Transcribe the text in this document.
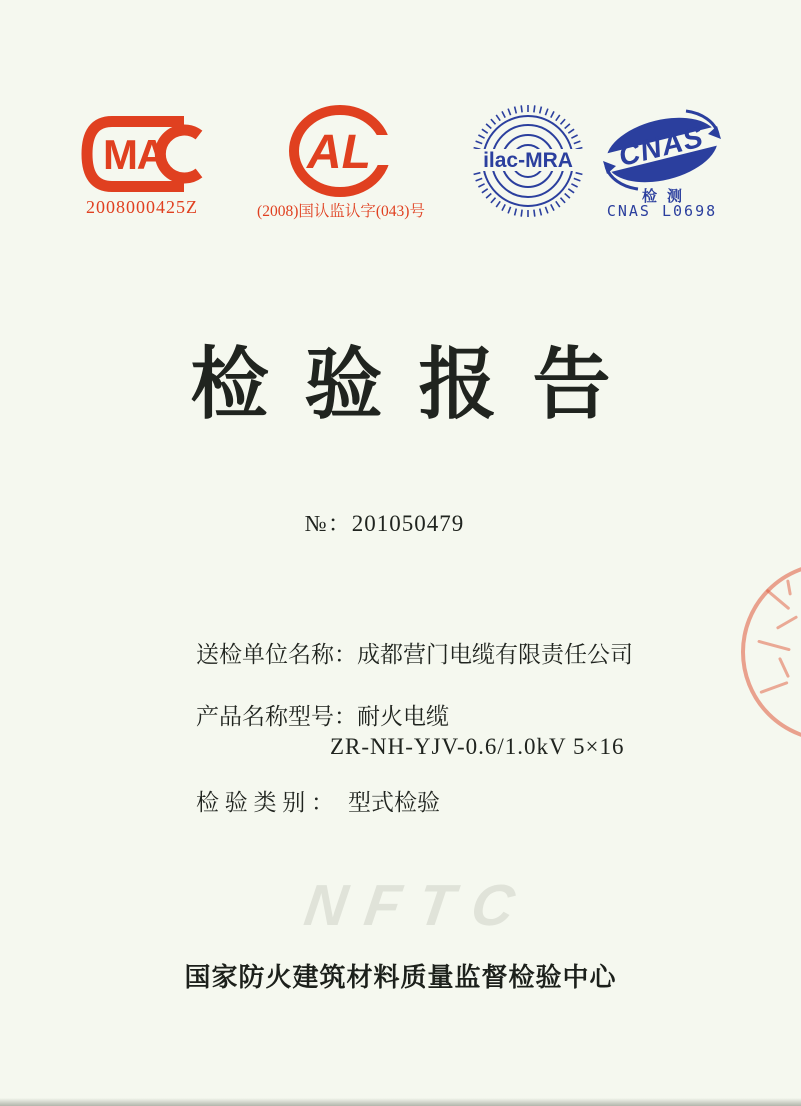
MA
2008000425Z
AL
(2008)国认监认字(043)号
ilac-MRA CNAS
检测
CNAS L0698
检验报告
№：201050479
送检单位名称：成都营门电缆有限责任公司
产品名称型号：耐火电缆
ZR-NH-YJV-0.6/1.0kV 5×16
检 验 类 别 ： 型式检验
NFTC
国家防火建筑材料质量监督检验中心
